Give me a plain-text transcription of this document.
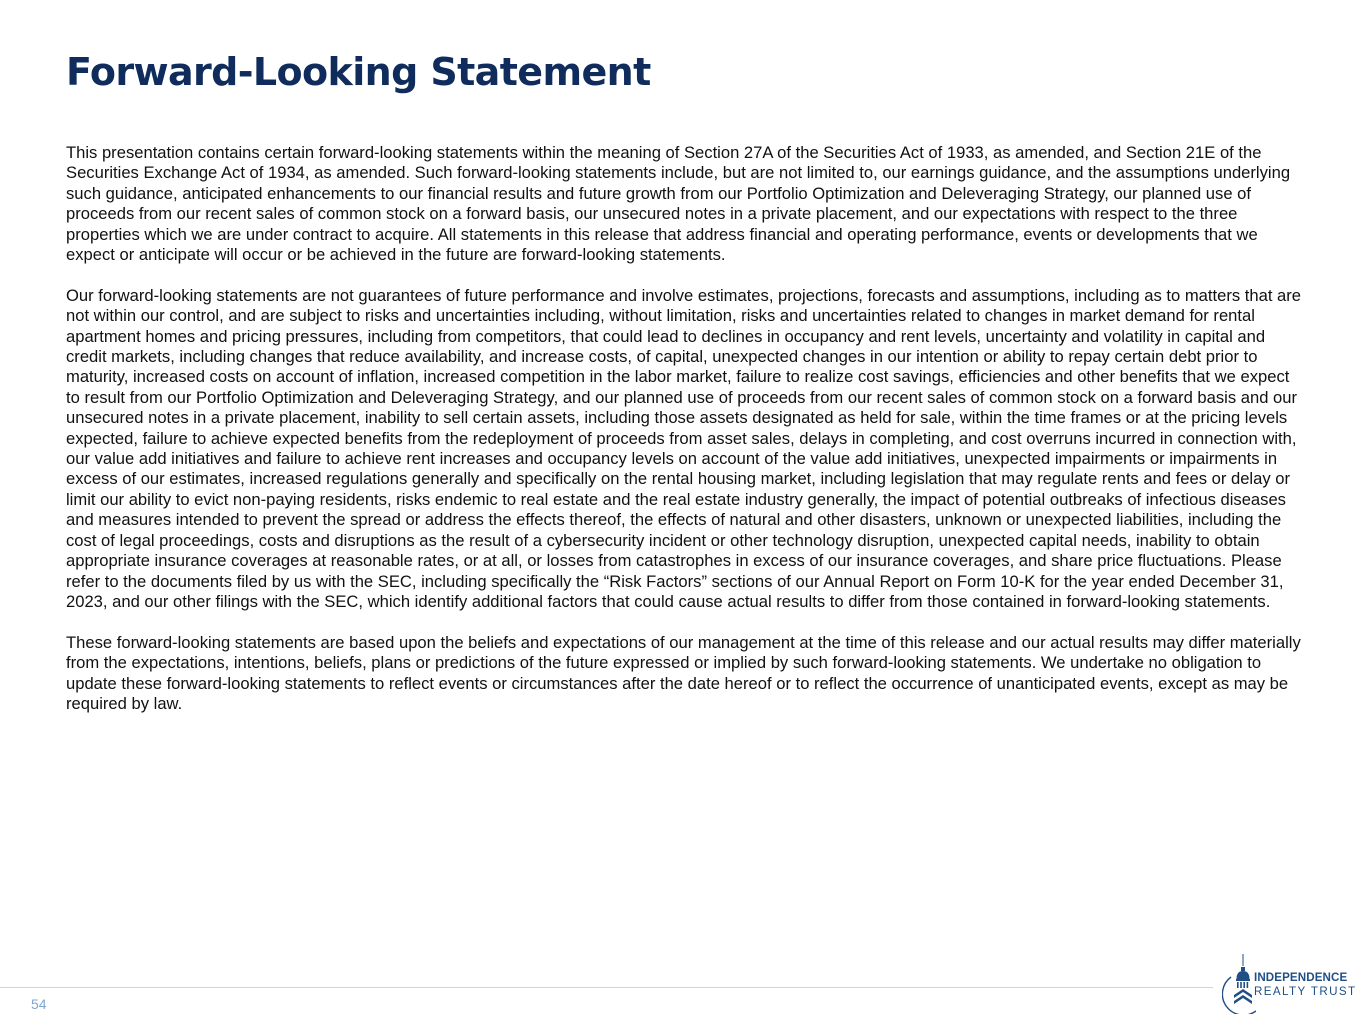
Forward-Looking Statement

This presentation contains certain forward-looking statements within the meaning of Section 27A of the Securities Act of 1933, as amended, and Section 21E of the Securities Exchange Act of 1934, as amended. Such forward-looking statements include, but are not limited to, our earnings guidance, and the assumptions underlying such guidance, anticipated enhancements to our financial results and future growth from our Portfolio Optimization and Deleveraging Strategy, our planned use of proceeds from our recent sales of common stock on a forward basis, our unsecured notes in a private placement, and our expectations with respect to the three properties which we are under contract to acquire. All statements in this release that address financial and operating performance, events or developments that we expect or anticipate will occur or be achieved in the future are forward-looking statements.

Our forward-looking statements are not guarantees of future performance and involve estimates, projections, forecasts and assumptions, including as to matters that are not within our control, and are subject to risks and uncertainties including, without limitation, risks and uncertainties related to changes in market demand for rental apartment homes and pricing pressures, including from competitors, that could lead to declines in occupancy and rent levels, uncertainty and volatility in capital and credit markets, including changes that reduce availability, and increase costs, of capital, unexpected changes in our intention or ability to repay certain debt prior to maturity, increased costs on account of inflation, increased competition in the labor market, failure to realize cost savings, efficiencies and other benefits that we expect to result from our Portfolio Optimization and Deleveraging Strategy, and our planned use of proceeds from our recent sales of common stock on a forward basis and our unsecured notes in a private placement, inability to sell certain assets, including those assets designated as held for sale, within the time frames or at the pricing levels expected, failure to achieve expected benefits from the redeployment of proceeds from asset sales, delays in completing, and cost overruns incurred in connection with, our value add initiatives and failure to achieve rent increases and occupancy levels on account of the value add initiatives, unexpected impairments or impairments in excess of our estimates, increased regulations generally and specifically on the rental housing market, including legislation that may regulate rents and fees or delay or limit our ability to evict non-paying residents, risks endemic to real estate and the real estate industry generally, the impact of potential outbreaks of infectious diseases and measures intended to prevent the spread or address the effects thereof, the effects of natural and other disasters, unknown or unexpected liabilities, including the cost of legal proceedings, costs and disruptions as the result of a cybersecurity incident or other technology disruption, unexpected capital needs, inability to obtain appropriate insurance coverages at reasonable rates, or at all, or losses from catastrophes in excess of our insurance coverages, and share price fluctuations. Please refer to the documents filed by us with the SEC, including specifically the “Risk Factors” sections of our Annual Report on Form 10-K for the year ended December 31, 2023, and our other filings with the SEC, which identify additional factors that could cause actual results to differ from those contained in forward-looking statements.

These forward-looking statements are based upon the beliefs and expectations of our management at the time of this release and our actual results may differ materially from the expectations, intentions, beliefs, plans or predictions of the future expressed or implied by such forward-looking statements. We undertake no obligation to update these forward-looking statements to reflect events or circumstances after the date hereof or to reflect the occurrence of unanticipated events, except as may be required by law.

54
INDEPENDENCE
REALTY TRUST
